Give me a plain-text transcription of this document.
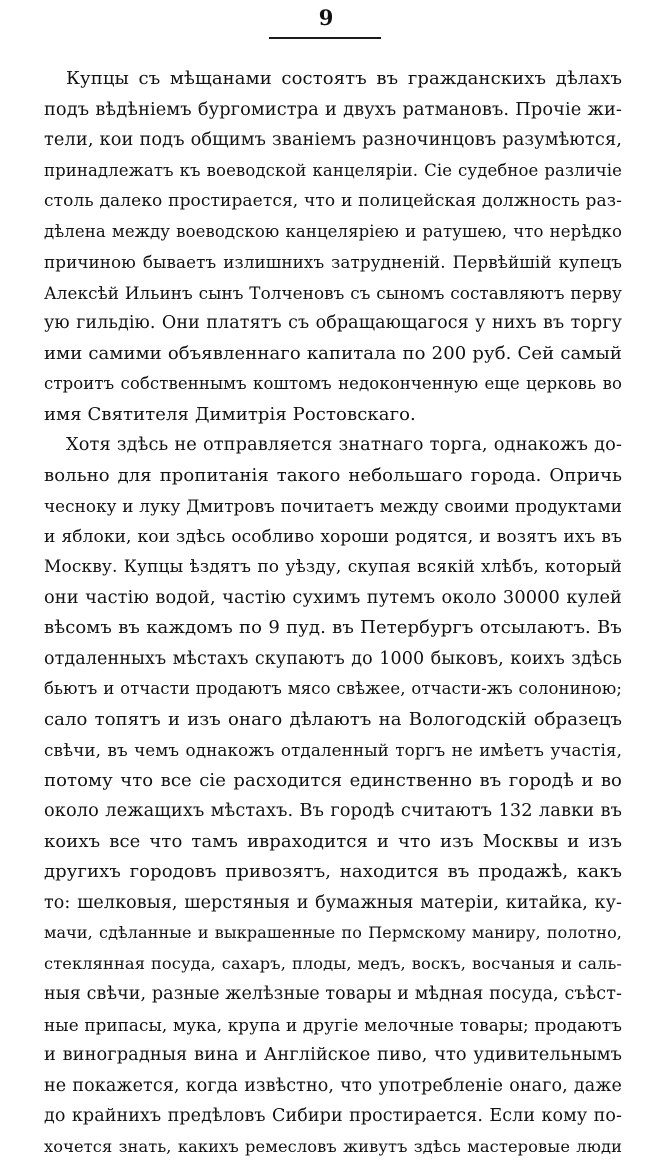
9
Купцы съ мѣщанами состоятъ въ гражданскихъ дѣлахъ
подъ вѣдѣніемъ бургомистра и двухъ ратмановъ. Прочіе жи-
тели, кои подъ общимъ званіемъ разночинцовъ разумѣются,
принадлежатъ къ воеводской канцеляріи. Сіе судебное различіе
столь далеко простирается, что и полицейская должность раз-
дѣлена между воеводскою канцеляріею и ратушею, что нерѣдко
причиною бываетъ излишнихъ затрудненій. Первѣйшій купецъ
Алексѣй Ильинъ сынъ Толченовъ съ сыномъ составляютъ перву
ую гильдію. Они платятъ съ обращающагося у нихъ въ торгу
ими самими объявленнаго капитала по 200 руб. Сей самый
строитъ собственнымъ коштомъ недоконченную еще церковь во
имя Святителя Димитрія Ростовскаго.
Хотя здѣсь не отправляется знатнаго торга, однакожъ до-
вольно для пропитанія такого небольшаго города. Опричь
чесноку и луку Дмитровъ почитаетъ между своими продуктами
и яблоки, кои здѣсь особливо хороши родятся, и возятъ ихъ въ
Москву. Купцы ѣздятъ по уѣзду, скупая всякій хлѣбъ, который
они частію водой, частію сухимъ путемъ около 30000 кулей
вѣсомъ въ каждомъ по 9 пуд. въ Петербургъ отсылаютъ. Въ
отдаленныхъ мѣстахъ скупаютъ до 1000 быковъ, коихъ здѣсь
бьютъ и отчасти продаютъ мясо свѣжее, отчасти-жъ солониною;
сало топятъ и изъ онаго дѣлаютъ на Вологодскій образецъ
свѣчи, въ чемъ однакожъ отдаленный торгъ не имѣетъ участія,
потому что все сіе расходится единственно въ городѣ и во
около лежащихъ мѣстахъ. Въ городѣ считаютъ 132 лавки въ
коихъ все что тамъ ивраходится и что изъ Москвы и изъ
другихъ городовъ привозятъ, находится въ продажѣ, какъ
то: шелковыя, шерстяныя и бумажныя матеріи, китайка, ку-
мачи, сдѣланные и выкрашенные по Пермскому маниру, полотно,
стеклянная посуда, сахаръ, плоды, медъ, воскъ, восчаныя и саль-
ныя свѣчи, разные желѣзные товары и мѣдная посуда, съѣст-
ные припасы, мука, крупа и другіе мелочные товары; продаютъ
и виноградныя вина и Англійское пиво, что удивительнымъ
не покажется, когда извѣстно, что употребленіе онаго, даже
до крайнихъ предѣловъ Сибири простирается. Если кому по-
хочется знать, какихъ ремесловъ живутъ здѣсь мастеровые люди
